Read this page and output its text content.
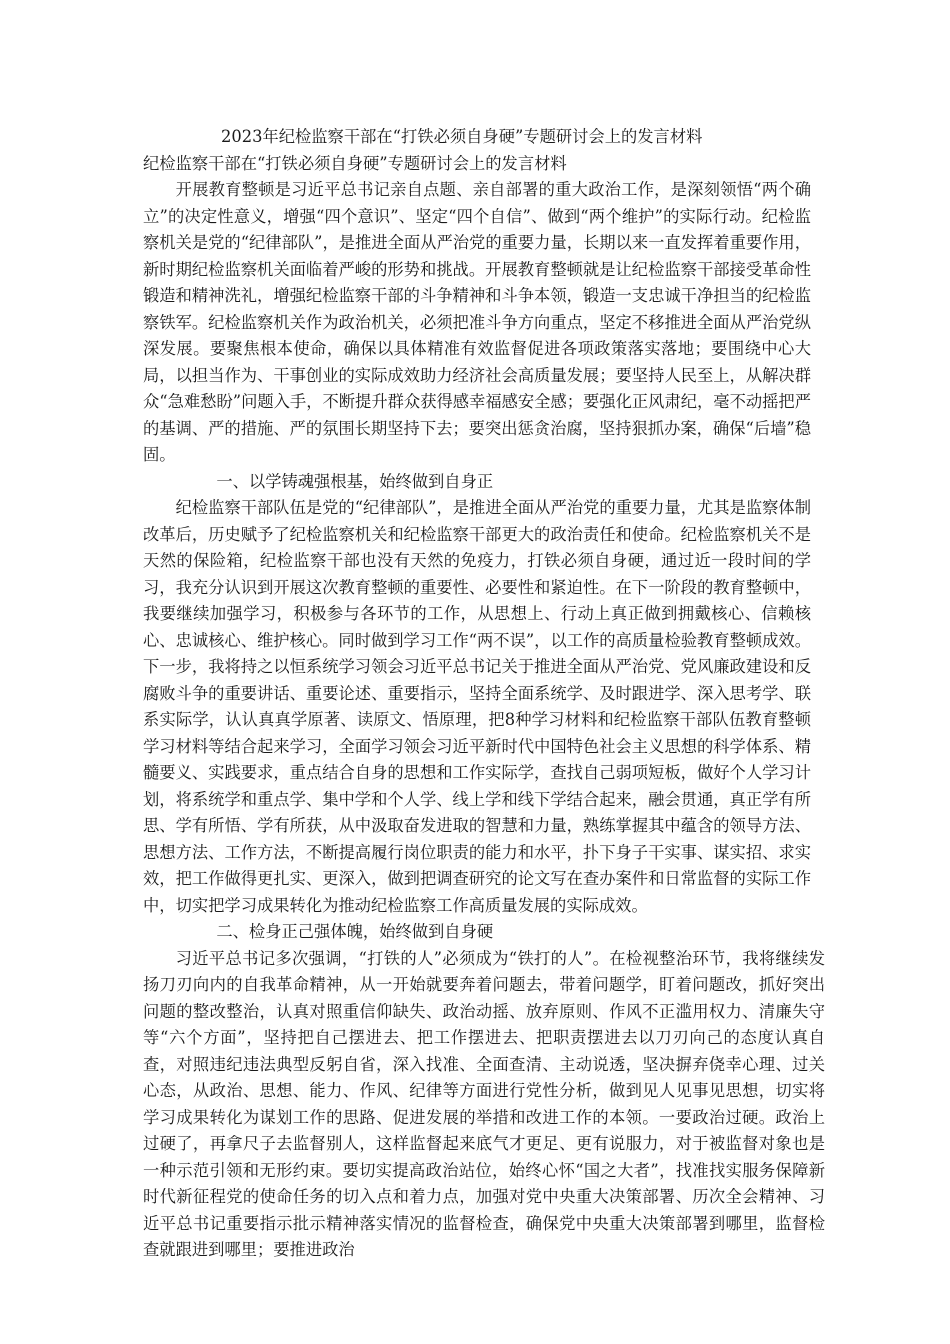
2023年纪检监察干部在“打铁必须自身硬”专题研讨会上的发言材料
纪检监察干部在“打铁必须自身硬”专题研讨会上的发言材料

开展教育整顿是习近平总书记亲自点题、亲自部署的重大政治工作，是深刻领悟“两个确立”的决定性意义，增强“四个意识”、坚定“四个自信”、做到“两个维护”的实际行动。纪检监察机关是党的“纪律部队”，是推进全面从严治党的重要力量，长期以来一直发挥着重要作用，新时期纪检监察机关面临着严峻的形势和挑战。开展教育整顿就是让纪检监察干部接受革命性锻造和精神洗礼，增强纪检监察干部的斗争精神和斗争本领，锻造一支忠诚干净担当的纪检监察铁军。纪检监察机关作为政治机关，必须把准斗争方向重点，坚定不移推进全面从严治党纵深发展。要聚焦根本使命，确保以具体精准有效监督促进各项政策落实落地；要围绕中心大局，以担当作为、干事创业的实际成效助力经济社会高质量发展；要坚持人民至上，从解决群众“急难愁盼”问题入手，不断提升群众获得感幸福感安全感；要强化正风肃纪，毫不动摇把严的基调、严的措施、严的氛围长期坚持下去；要突出惩贪治腐，坚持狠抓办案，确保“后墙”稳固。

一、以学铸魂强根基，始终做到自身正

纪检监察干部队伍是党的“纪律部队”，是推进全面从严治党的重要力量，尤其是监察体制改革后，历史赋予了纪检监察机关和纪检监察干部更大的政治责任和使命。纪检监察机关不是天然的保险箱，纪检监察干部也没有天然的免疫力，打铁必须自身硬，通过近一段时间的学习，我充分认识到开展这次教育整顿的重要性、必要性和紧迫性。在下一阶段的教育整顿中，我要继续加强学习，积极参与各环节的工作，从思想上、行动上真正做到拥戴核心、信赖核心、忠诚核心、维护核心。同时做到学习工作“两不误”，以工作的高质量检验教育整顿成效。下一步，我将持之以恒系统学习领会习近平总书记关于推进全面从严治党、党风廉政建设和反腐败斗争的重要讲话、重要论述、重要指示，坚持全面系统学、及时跟进学、深入思考学、联系实际学，认认真真学原著、读原文、悟原理，把8种学习材料和纪检监察干部队伍教育整顿学习材料等结合起来学习，全面学习领会习近平新时代中国特色社会主义思想的科学体系、精髓要义、实践要求，重点结合自身的思想和工作实际学，查找自己弱项短板，做好个人学习计划，将系统学和重点学、集中学和个人学、线上学和线下学结合起来，融会贯通，真正学有所思、学有所悟、学有所获，从中汲取奋发进取的智慧和力量，熟练掌握其中蕴含的领导方法、思想方法、工作方法，不断提高履行岗位职责的能力和水平，扑下身子干实事、谋实招、求实效，把工作做得更扎实、更深入，做到把调查研究的论文写在查办案件和日常监督的实际工作中，切实把学习成果转化为推动纪检监察工作高质量发展的实际成效。

二、检身正己强体魄，始终做到自身硬

习近平总书记多次强调，“打铁的人”必须成为“铁打的人”。在检视整治环节，我将继续发扬刀刃向内的自我革命精神，从一开始就要奔着问题去，带着问题学，盯着问题改，抓好突出问题的整改整治，认真对照重信仰缺失、政治动摇、放弃原则、作风不正滥用权力、清廉失守等“六个方面”，坚持把自己摆进去、把工作摆进去、把职责摆进去以刀刃向己的态度认真自查，对照违纪违法典型反躬自省，深入找准、全面查清、主动说透，坚决摒弃侥幸心理、过关心态，从政治、思想、能力、作风、纪律等方面进行党性分析，做到见人见事见思想，切实将学习成果转化为谋划工作的思路、促进发展的举措和改进工作的本领。一要政治过硬。政治上过硬了，再拿尺子去监督别人，这样监督起来底气才更足、更有说服力，对于被监督对象也是一种示范引领和无形约束。要切实提高政治站位，始终心怀“国之大者”，找准找实服务保障新时代新征程党的使命任务的切入点和着力点，加强对党中央重大决策部署、历次全会精神、习近平总书记重要指示批示精神落实情况的监督检查，确保党中央重大决策部署到哪里，监督检查就跟进到哪里；要推进政治
